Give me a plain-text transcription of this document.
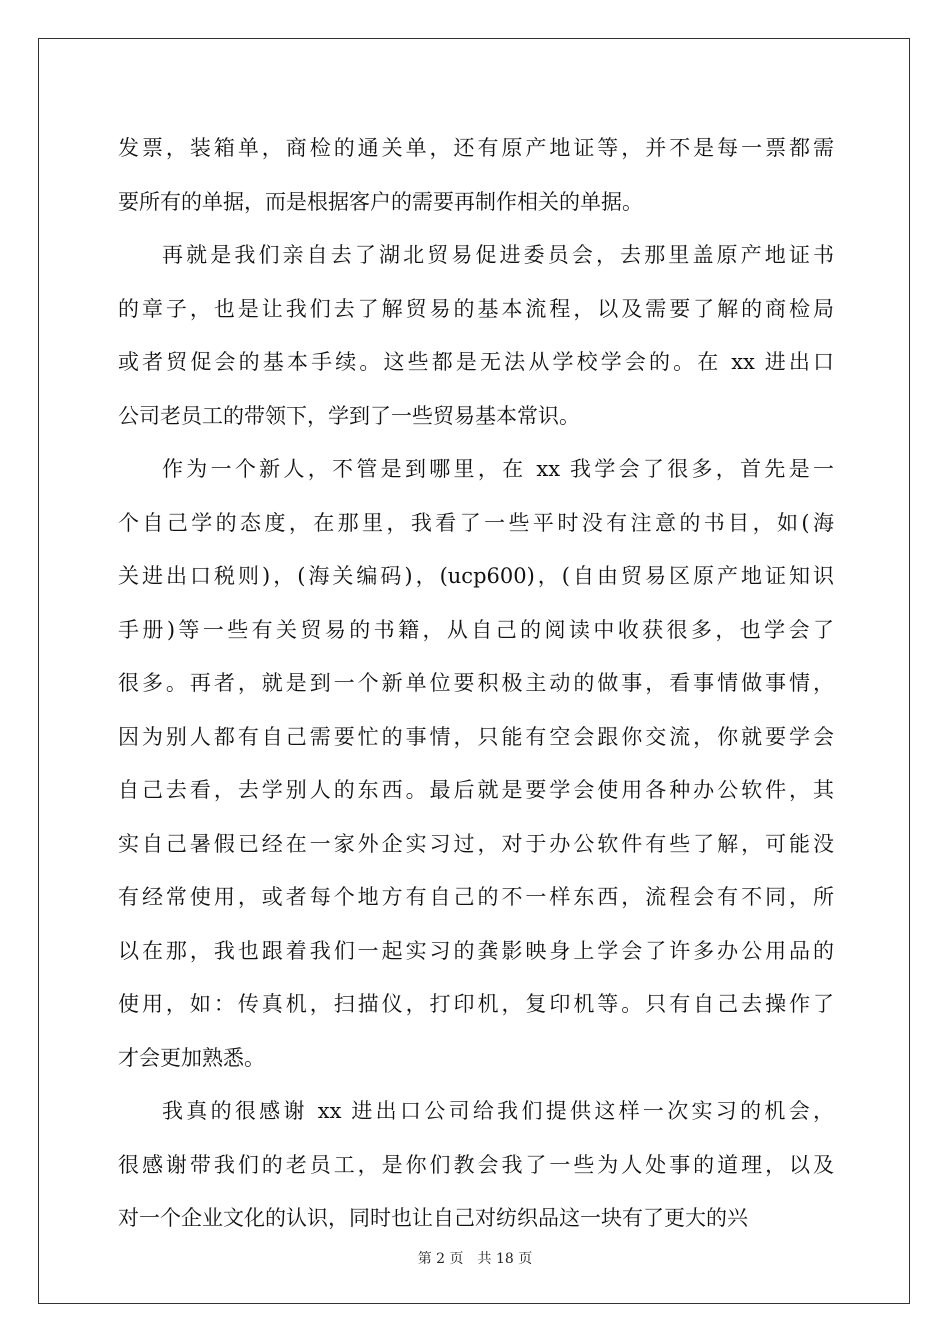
发票，装箱单，商检的通关单，还有原产地证等，并不是每一票都需
要所有的单据，而是根据客户的需要再制作相关的单据。
再就是我们亲自去了湖北贸易促进委员会，去那里盖原产地证书
的章子，也是让我们去了解贸易的基本流程，以及需要了解的商检局
或者贸促会的基本手续。这些都是无法从学校学会的。在 xx 进出口
公司老员工的带领下，学到了一些贸易基本常识。
作为一个新人，不管是到哪里，在 xx 我学会了很多，首先是一
个自己学的态度，在那里，我看了一些平时没有注意的书目，如(海
关进出口税则)，(海关编码)，(ucp600)，(自由贸易区原产地证知识
手册)等一些有关贸易的书籍，从自己的阅读中收获很多，也学会了
很多。再者，就是到一个新单位要积极主动的做事，看事情做事情，
因为别人都有自己需要忙的事情，只能有空会跟你交流，你就要学会
自己去看，去学别人的东西。最后就是要学会使用各种办公软件，其
实自己暑假已经在一家外企实习过，对于办公软件有些了解，可能没
有经常使用，或者每个地方有自己的不一样东西，流程会有不同，所
以在那，我也跟着我们一起实习的龚影映身上学会了许多办公用品的
使用，如：传真机，扫描仪，打印机，复印机等。只有自己去操作了
才会更加熟悉。
我真的很感谢 xx 进出口公司给我们提供这样一次实习的机会，
很感谢带我们的老员工，是你们教会我了一些为人处事的道理，以及
对一个企业文化的认识，同时也让自己对纺织品这一块有了更大的兴
第 2 页 共 18 页
